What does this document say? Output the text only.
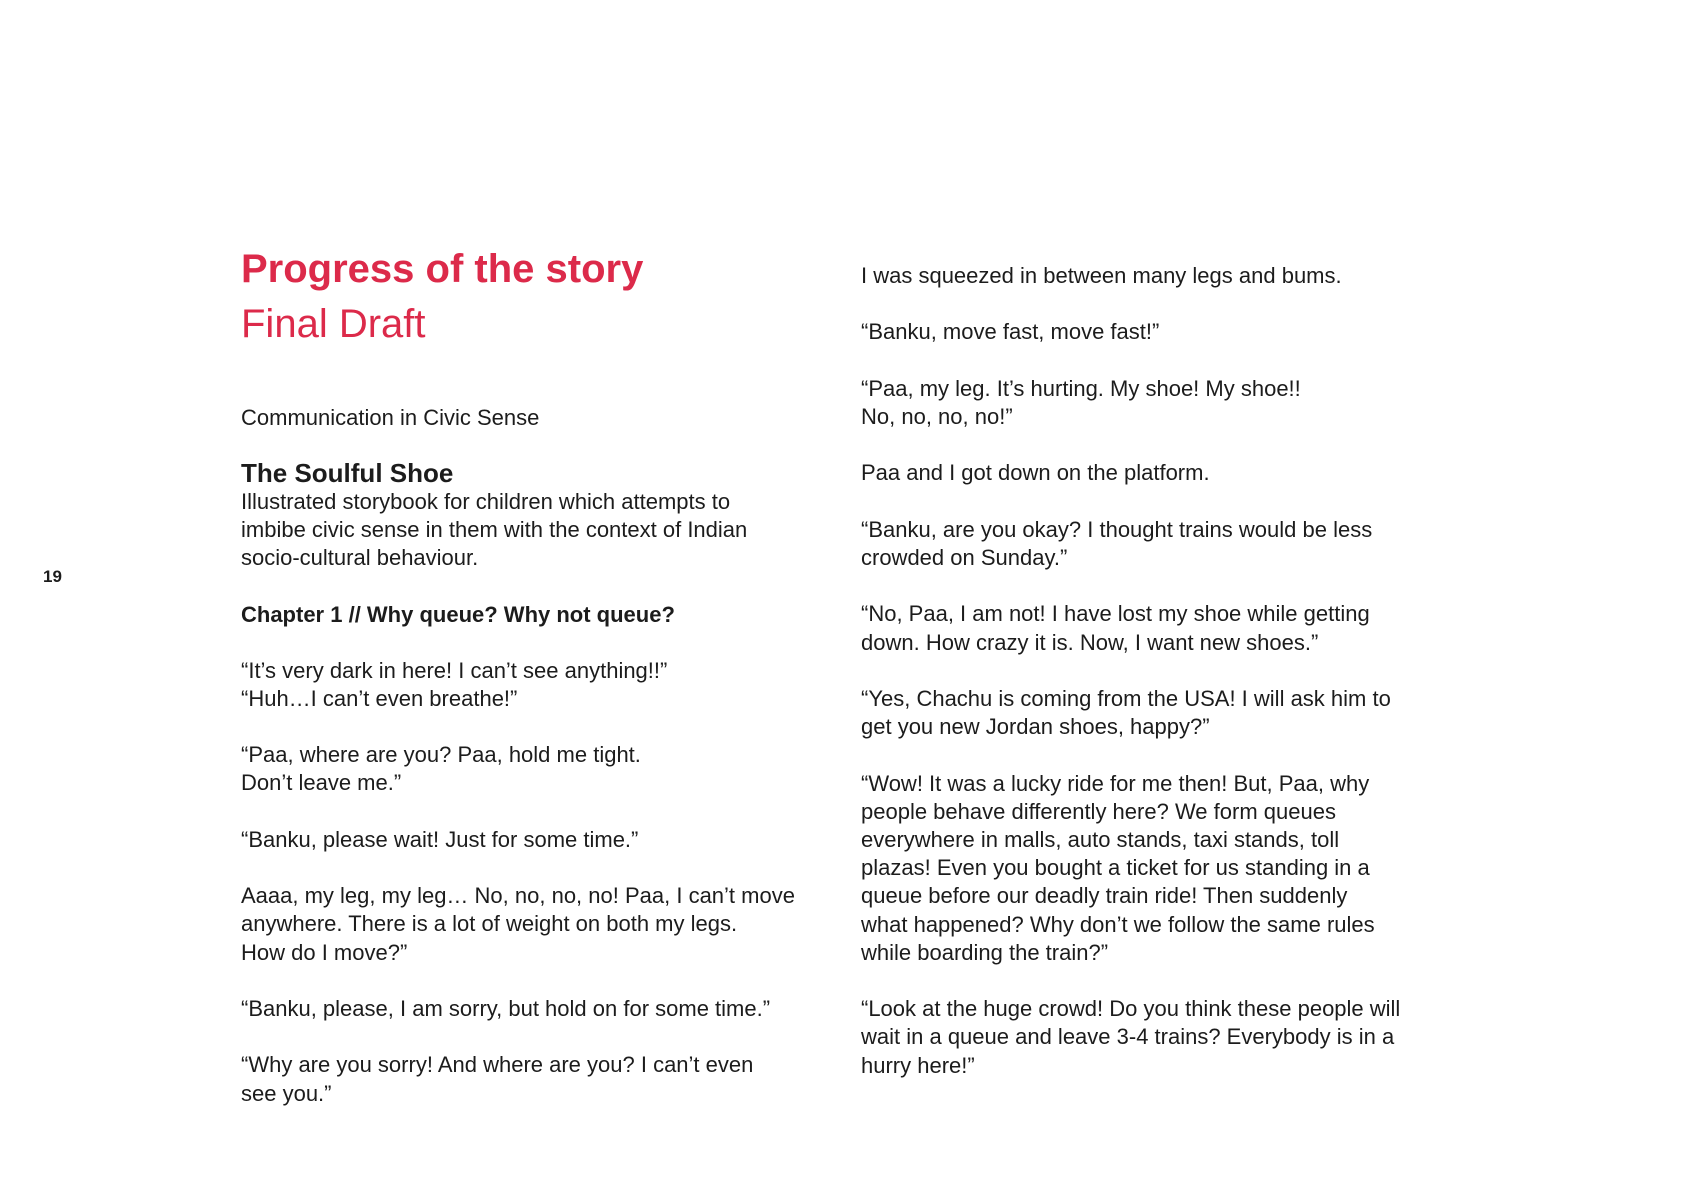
19
Progress of the story
Final Draft

Communication in Civic Sense

The Soulful Shoe

Illustrated storybook for children which attempts to
imbibe civic sense in them with the context of Indian
socio-cultural behaviour.

Chapter 1 // Why queue? Why not queue?

“It’s very dark in here! I can’t see anything!!”
“Huh…I can’t even breathe!”

“Paa, where are you? Paa, hold me tight.
Don’t leave me.”

“Banku, please wait! Just for some time.”

Aaaa, my leg, my leg… No, no, no, no! Paa, I can’t move
anywhere. There is a lot of weight on both my legs.
How do I move?”

“Banku, please, I am sorry, but hold on for some time.”

“Why are you sorry! And where are you? I can’t even
see you.”

I was squeezed in between many legs and bums.

“Banku, move fast, move fast!”

“Paa, my leg. It’s hurting. My shoe! My shoe!!
No, no, no, no!”

Paa and I got down on the platform.

“Banku, are you okay? I thought trains would be less
crowded on Sunday.”

“No, Paa, I am not! I have lost my shoe while getting
down. How crazy it is. Now, I want new shoes.”

“Yes, Chachu is coming from the USA! I will ask him to
get you new Jordan shoes, happy?”

“Wow! It was a lucky ride for me then! But, Paa, why
people behave differently here? We form queues
everywhere in malls, auto stands, taxi stands, toll
plazas! Even you bought a ticket for us standing in a
queue before our deadly train ride! Then suddenly
what happened? Why don’t we follow the same rules
while boarding the train?”

“Look at the huge crowd! Do you think these people will
wait in a queue and leave 3-4 trains? Everybody is in a
hurry here!”
